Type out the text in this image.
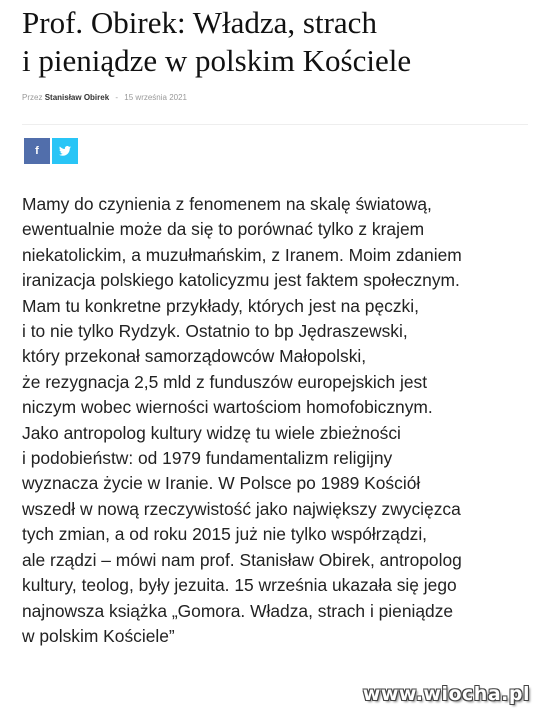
Prof. Obirek: Władza, strach
i pieniądze w polskim Kościele
Przez Stanisław Obirek - 15 września 2021
f
Mamy do czynienia z fenomenem na skalę światową,
ewentualnie może da się to porównać tylko z krajem
niekatolickim, a muzułmańskim, z Iranem. Moim zdaniem
iranizacja polskiego katolicyzmu jest faktem społecznym.
Mam tu konkretne przykłady, których jest na pęczki,
i to nie tylko Rydzyk. Ostatnio to bp Jędraszewski,
który przekonał samorządowców Małopolski,
że rezygnacja 2,5 mld z funduszów europejskich jest
niczym wobec wierności wartościom homofobicznym.
Jako antropolog kultury widzę tu wiele zbieżności
i podobieństw: od 1979 fundamentalizm religijny
wyznacza życie w Iranie. W Polsce po 1989 Kościół
wszedł w nową rzeczywistość jako największy zwycięzca
tych zmian, a od roku 2015 już nie tylko współrządzi,
ale rządzi – mówi nam prof. Stanisław Obirek, antropolog
kultury, teolog, były jezuita. 15 września ukazała się jego
najnowsza książka „Gomora. Władza, strach i pieniądze
w polskim Kościele”
www.wiocha.pl
